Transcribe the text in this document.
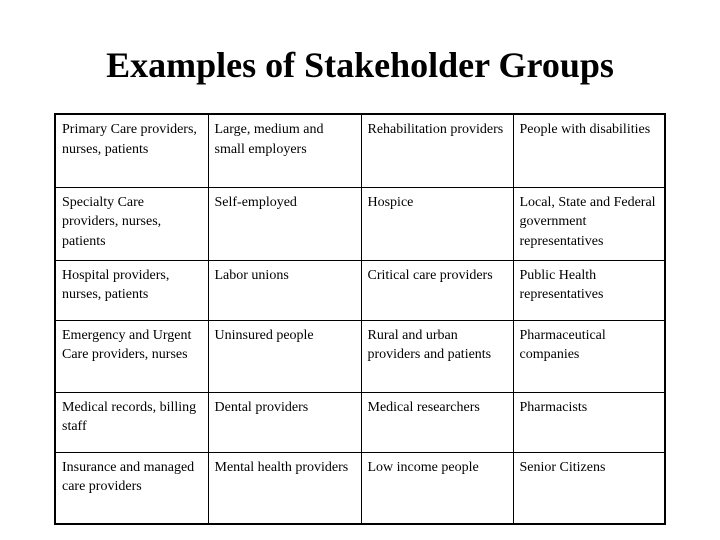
Examples of Stakeholder Groups
Primary Care providers, nurses, patients	Large, medium and small employers	Rehabilitation providers	People with disabilities
Specialty Care providers, nurses, patients	Self-employed	Hospice	Local, State and Federal government representatives
Hospital providers, nurses, patients	Labor unions	Critical care providers	Public Health representatives
Emergency and Urgent Care providers, nurses	Uninsured people	Rural and urban providers and patients	Pharmaceutical companies
Medical records, billing staff	Dental providers	Medical researchers	Pharmacists
Insurance and managed care providers	Mental health providers	Low income people	Senior Citizens
